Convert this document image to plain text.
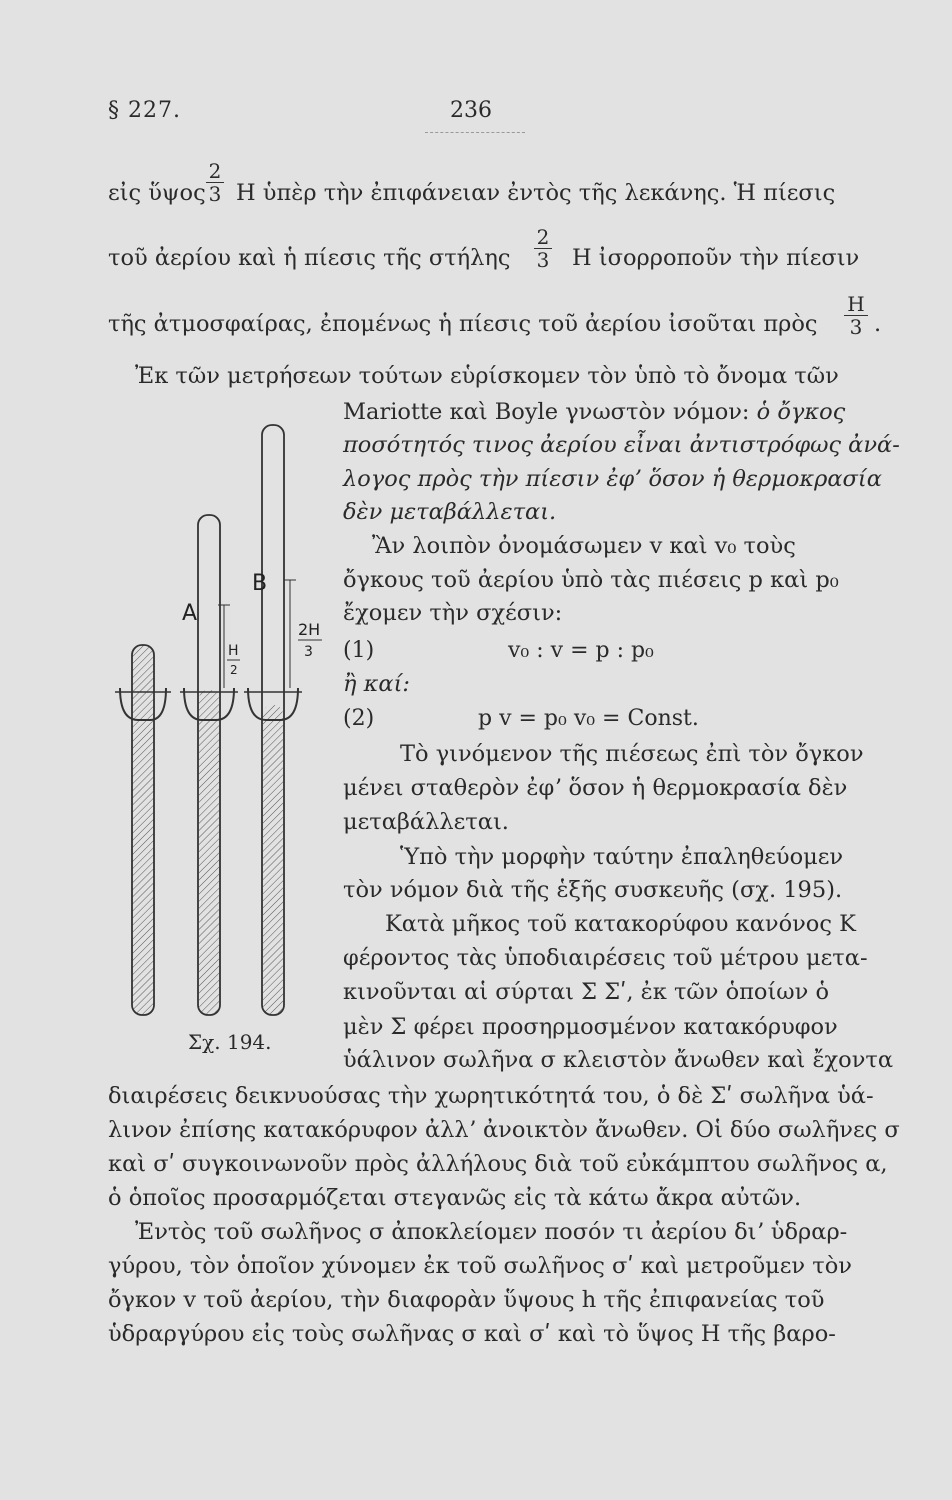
§ 227.	236
εἰς ὕψος
2
3 H ὑπὲρ τὴν ἐπιφάνειαν ἐντὸς τῆς λεκάνης. Ἡ πίεσις
τοῦ ἀερίου καὶ ἡ πίεσις τῆς στήλης
2
3 H ἰσορροποῦν τὴν πίεσιν
τῆς ἀτμοσφαίρας, ἐπομένως ἡ πίεσις τοῦ ἀερίου ἰσοῦται πρὸς
H
3 .
Ἐκ τῶν μετρήσεων τούτων εὑρίσκομεν τὸν ὑπὸ τὸ ὄνομα τῶν
Mariotte καὶ Boyle γνωστὸν νόμον: ὁ ὄγκος
ποσότητός τινος ἀερίου εἶναι ἀντιστρόφως ἀνά-
λογος πρὸς τὴν πίεσιν ἐφʼ ὅσον ἡ θερμοκρασία
δὲν μεταβάλλεται.
Ἂν λοιπὸν ὀνομάσωμεν v καὶ v₀ τοὺς
ὄγκους τοῦ ἀερίου ὑπὸ τὰς πιέσεις p καὶ p₀
ἔχομεν τὴν σχέσιν:
(1)	v₀ : v = p : p₀
ἢ καί:
(2)	p v = p₀ v₀ = Const.
Τὸ γινόμενον τῆς πιέσεως ἐπὶ τὸν ὄγκον
μένει σταθερὸν ἐφʼ ὅσον ἡ θερμοκρασία δὲν
μεταβάλλεται.
Ὑπὸ τὴν μορφὴν ταύτην ἐπαληθεύομεν
τὸν νόμον διὰ τῆς ἑξῆς συσκευῆς (σχ. 195).
Κατὰ μῆκος τοῦ κατακορύφου κανόνος K
φέροντος τὰς ὑποδιαιρέσεις τοῦ μέτρου μετα-
κινοῦνται αἱ σύρται Σ Σʹ, ἐκ τῶν ὁποίων ὁ
μὲν Σ φέρει προσηρμοσμένον κατακόρυφον
ὑάλινον σωλῆνα σ κλειστὸν ἄνωθεν καὶ ἔχοντα
διαιρέσεις δεικνυούσας τὴν χωρητικότητά του, ὁ δὲ Σʹ σωλῆνα ὑά-
λινον ἐπίσης κατακόρυφον ἀλλʼ ἀνοικτὸν ἄνωθεν. Οἱ δύο σωλῆνες σ
καὶ σʹ συγκοινωνοῦν πρὸς ἀλλήλους διὰ τοῦ εὐκάμπτου σωλῆνος α,
ὁ ὁποῖος προσαρμόζεται στεγανῶς εἰς τὰ κάτω ἄκρα αὐτῶν.
Ἐντὸς τοῦ σωλῆνος σ ἀποκλείομεν ποσόν τι ἀερίου διʼ ὑδραρ-
γύρου, τὸν ὁποῖον χύνομεν ἐκ τοῦ σωλῆνος σʹ καὶ μετροῦμεν τὸν
ὄγκον v τοῦ ἀερίου, τὴν διαφορὰν ὕψους h τῆς ἐπιφανείας τοῦ
ὑδραργύρου εἰς τοὺς σωλῆνας σ καὶ σʹ καὶ τὸ ὕψος H τῆς βαρο-
A
B
H
2
2H
3
Σχ. 194.
